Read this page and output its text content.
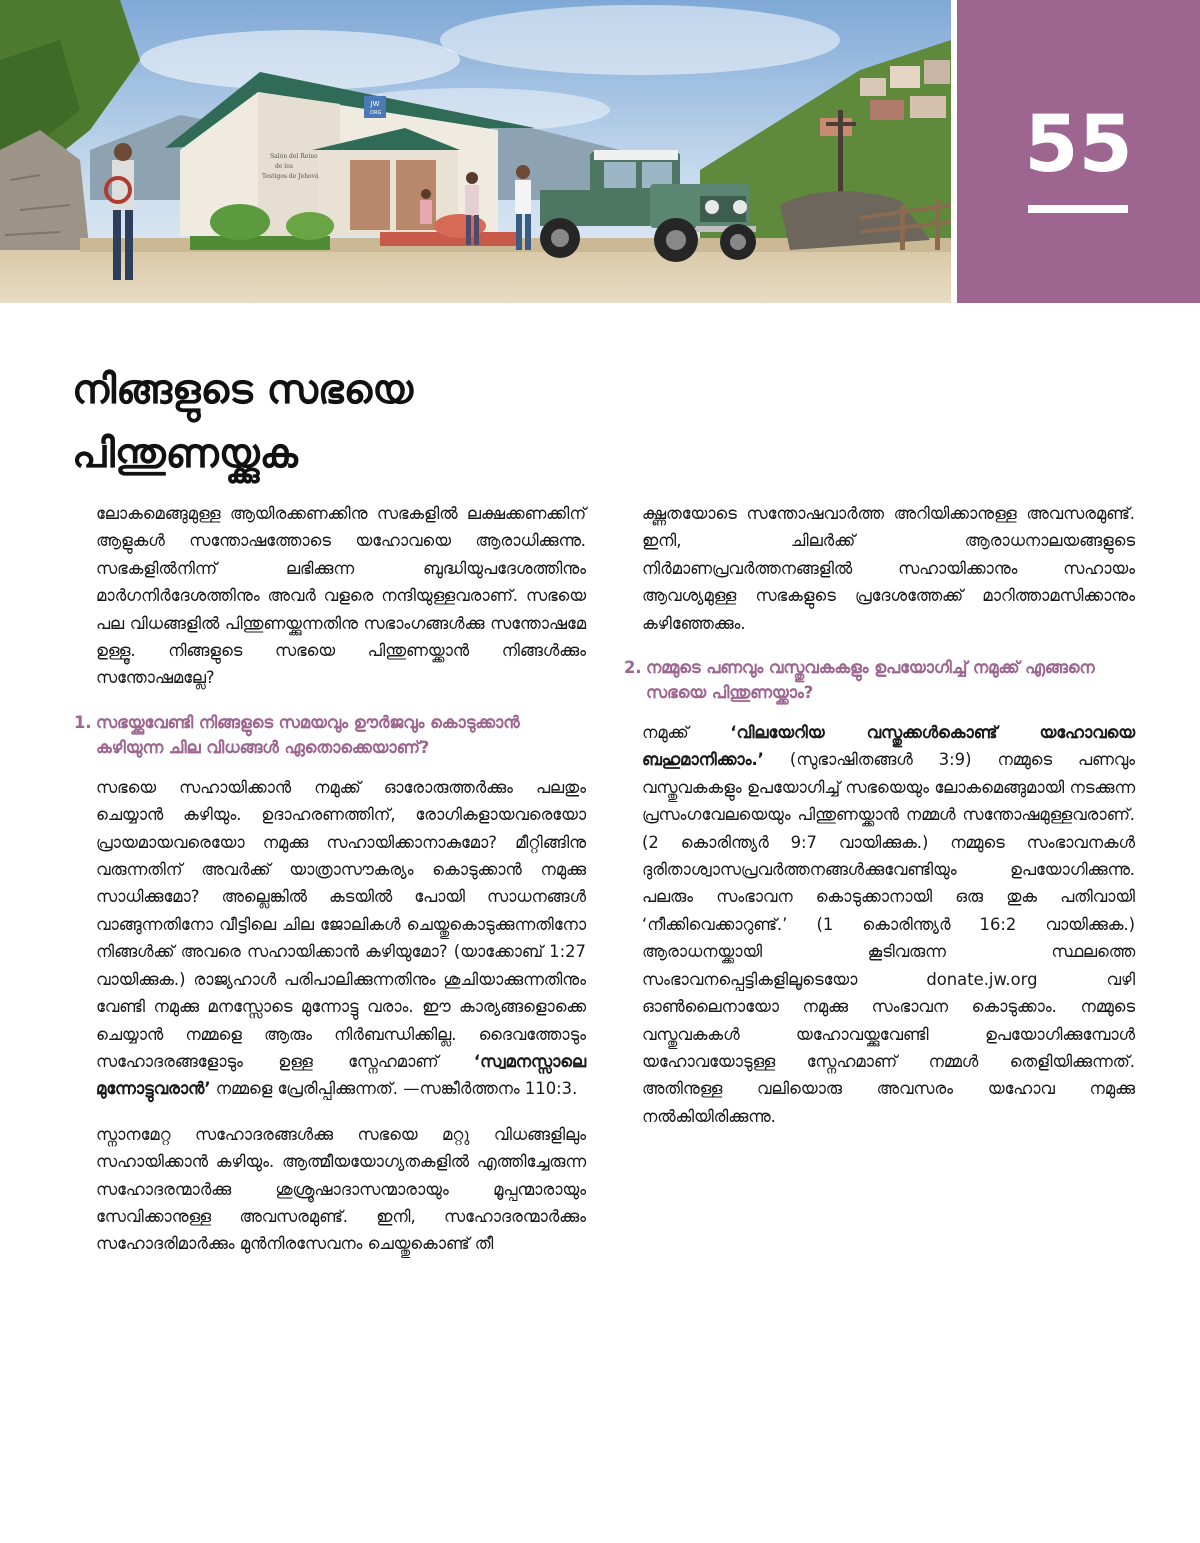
JW
.ORG
Salón del Reino
de los
Testigos de Jehová	55
നിങ്ങളുടെ സഭയെ
പിന്തുണയ്ക്കുക

ലോകമെങ്ങുമുള്ള ആയിരക്കണക്കിനു സഭകളിൽ ലക്ഷക്കണക്കിന് ആളുകൾ സന്തോഷത്തോടെ യഹോവയെ ആരാധിക്കുന്നു. സഭകളിൽനിന്ന് ലഭിക്കുന്ന ബുദ്ധിയുപദേശത്തിനും മാർഗനിർദേശത്തിനും അവർ വളരെ നന്ദിയുള്ളവരാണ്. സഭയെ പല വിധങ്ങളിൽ പിന്തുണയ്ക്കുന്നതിനു സഭാംഗങ്ങൾക്കു സന്തോഷമേ ഉള്ളൂ. നിങ്ങളുടെ സഭയെ പിന്തുണയ്ക്കാൻ നിങ്ങൾക്കും സന്തോഷമല്ലേ?

1. സഭയ്ക്കുവേണ്ടി നിങ്ങളുടെ സമയവും ഊർജവും കൊടുക്കാൻ കഴിയുന്ന ചില വിധങ്ങൾ ഏതൊക്കെയാണ്?

സഭയെ സഹായിക്കാൻ നമുക്ക് ഓരോരുത്തർക്കും പലതും ചെയ്യാൻ കഴിയും. ഉദാഹരണത്തിന്, രോഗികളായവരെയോ പ്രായമായവരെയോ നമുക്കു സഹായിക്കാനാകുമോ? മീറ്റിങ്ങിനു വരുന്നതിന് അവർക്ക് യാത്രാസൗകര്യം കൊടുക്കാൻ നമുക്കു സാധിക്കുമോ? അല്ലെങ്കിൽ കടയിൽ പോയി സാധനങ്ങൾ വാങ്ങുന്നതിനോ വീട്ടിലെ ചില ജോലികൾ ചെയ്തുകൊടുക്കുന്നതിനോ നിങ്ങൾക്ക് അവരെ സഹായിക്കാൻ കഴിയുമോ? (യാക്കോബ് 1:27 വായിക്കുക.) രാജ്യഹാൾ പരിപാലിക്കുന്നതിനും ശുചിയാക്കുന്നതിനും വേണ്ടി നമുക്കു മനസ്സോടെ മുന്നോട്ടു വരാം. ഈ കാര്യങ്ങളൊക്കെ ചെയ്യാൻ നമ്മളെ ആരും നിർബന്ധിക്കില്ല. ദൈവത്തോടും സഹോദരങ്ങളോടും ഉള്ള സ്നേഹമാണ് ‘സ്വമനസ്സാലെ മുന്നോട്ടുവരാൻ’ നമ്മളെ പ്രേരിപ്പിക്കുന്നത്. —സങ്കീർത്തനം 110:3.

സ്നാനമേറ്റ സഹോദരങ്ങൾക്കു സഭയെ മറ്റു വിധങ്ങളിലും സഹായിക്കാൻ കഴിയും. ആത്മീയയോഗ്യതകളിൽ എത്തിച്ചേരുന്ന സഹോദരന്മാർക്കു ശുശ്രൂഷാദാസന്മാരായും മൂപ്പന്മാരായും സേവിക്കാനുള്ള അവസരമുണ്ട്. ഇനി, സഹോദരന്മാർക്കും സഹോദരിമാർക്കും മുൻനിരസേവനം ചെയ്തുകൊണ്ട് തീ

ക്ഷ്ണതയോടെ സന്തോഷവാർത്ത അറിയിക്കാനുള്ള അവസരമുണ്ട്. ഇനി, ചിലർക്ക് ആരാധനാലയങ്ങളുടെ നിർമാണപ്രവർത്തനങ്ങളിൽ സഹായിക്കാനും സഹായം ആവശ്യമുള്ള സഭകളുടെ പ്രദേശത്തേക്ക് മാറിത്താമസിക്കാനും കഴിഞ്ഞേക്കും.

2. നമ്മുടെ പണവും വസ്തുവകകളും ഉപയോഗിച്ച് നമുക്ക് എങ്ങനെ സഭയെ പിന്തുണയ്ക്കാം?

നമുക്ക് ‘വിലയേറിയ വസ്തുക്കൾകൊണ്ട് യഹോവയെ ബഹുമാനിക്കാം.’ (സുഭാഷിതങ്ങൾ 3:9) നമ്മുടെ പണവും വസ്തുവകകളും ഉപയോഗിച്ച് സഭയെയും ലോകമെങ്ങുമായി നടക്കുന്ന പ്രസംഗവേലയെയും പിന്തുണയ്ക്കാൻ നമ്മൾ സന്തോഷമുള്ളവരാണ്. (2 കൊരിന്ത്യർ 9:7 വായിക്കുക.) നമ്മുടെ സംഭാവനകൾ ദുരിതാശ്വാസപ്രവർത്തനങ്ങൾക്കുവേണ്ടിയും ഉപയോഗിക്കുന്നു. പലരും സംഭാവന കൊടുക്കാനായി ഒരു തുക പതിവായി ‘നീക്കിവെക്കാറുണ്ട്.’ (1 കൊരിന്ത്യർ 16:2 വായിക്കുക.) ആരാധനയ്ക്കായി കൂടിവരുന്ന സ്ഥലത്തെ സംഭാവനപ്പെട്ടികളിലൂടെയോ donate.jw.org വഴി ഓൺലൈനായോ നമുക്കു സംഭാവന കൊടുക്കാം. നമ്മുടെ വസ്തുവകകൾ യഹോവയ്ക്കുവേണ്ടി ഉപയോഗിക്കുമ്പോൾ യഹോവയോടുള്ള സ്നേഹമാണ് നമ്മൾ തെളിയിക്കുന്നത്. അതിനുള്ള വലിയൊരു അവസരം യഹോവ നമുക്കു നൽകിയിരിക്കുന്നു.
